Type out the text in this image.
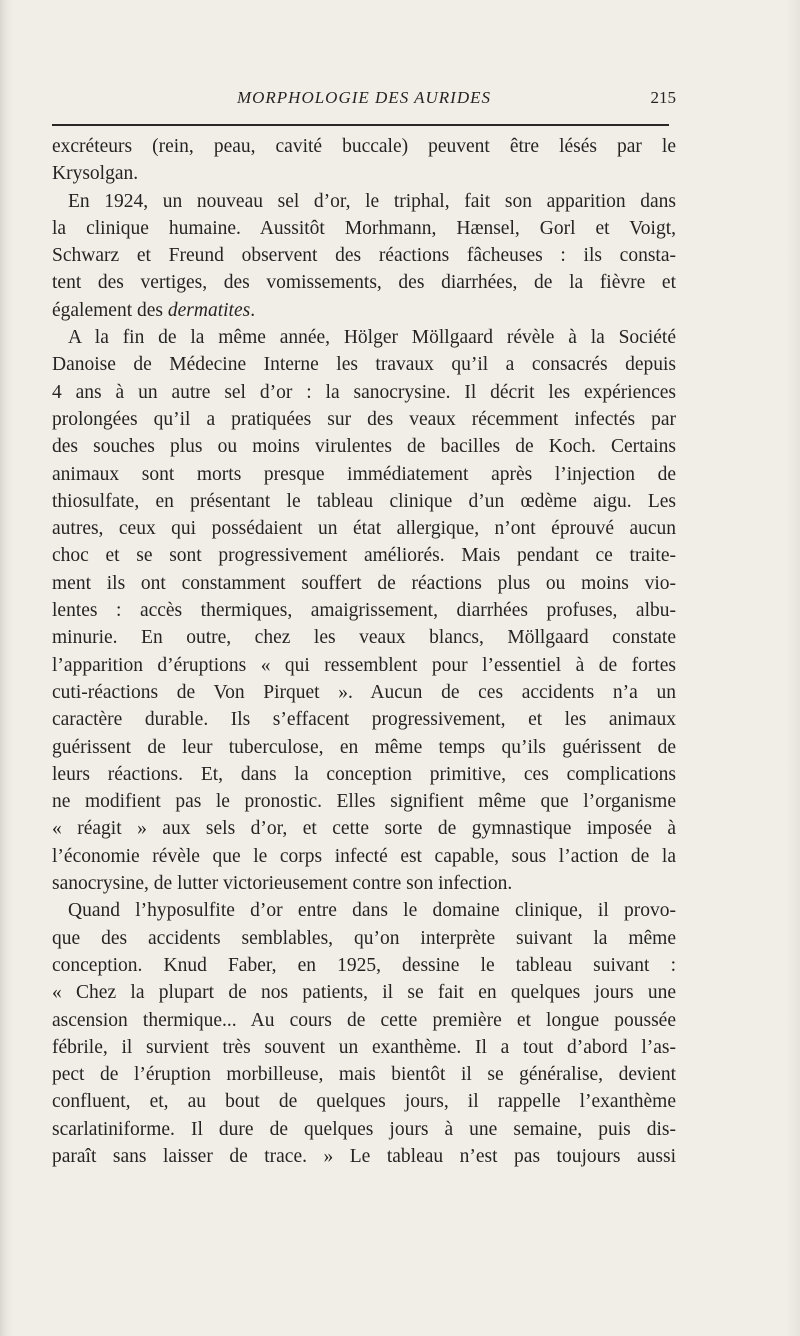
MORPHOLOGIE DES AURIDES	215
excréteurs (rein, peau, cavité buccale) peuvent être lésés par le
Krysolgan.
En 1924, un nouveau sel d’or, le triphal, fait son apparition dans
la clinique humaine. Aussitôt Morhmann, Hænsel, Gorl et Voigt,
Schwarz et Freund observent des réactions fâcheuses : ils consta-
tent des vertiges, des vomissements, des diarrhées, de la fièvre et
également des dermatites.
A la fin de la même année, Hölger Möllgaard révèle à la Société
Danoise de Médecine Interne les travaux qu’il a consacrés depuis
4 ans à un autre sel d’or : la sanocrysine. Il décrit les expériences
prolongées qu’il a pratiquées sur des veaux récemment infectés par
des souches plus ou moins virulentes de bacilles de Koch. Certains
animaux sont morts presque immédiatement après l’injection de
thiosulfate, en présentant le tableau clinique d’un œdème aigu. Les
autres, ceux qui possédaient un état allergique, n’ont éprouvé aucun
choc et se sont progressivement améliorés. Mais pendant ce traite-
ment ils ont constamment souffert de réactions plus ou moins vio-
lentes : accès thermiques, amaigrissement, diarrhées profuses, albu-
minurie. En outre, chez les veaux blancs, Möllgaard constate
l’apparition d’éruptions « qui ressemblent pour l’essentiel à de fortes
cuti-réactions de Von Pirquet ». Aucun de ces accidents n’a un
caractère durable. Ils s’effacent progressivement, et les animaux
guérissent de leur tuberculose, en même temps qu’ils guérissent de
leurs réactions. Et, dans la conception primitive, ces complications
ne modifient pas le pronostic. Elles signifient même que l’organisme
« réagit » aux sels d’or, et cette sorte de gymnastique imposée à
l’économie révèle que le corps infecté est capable, sous l’action de la
sanocrysine, de lutter victorieusement contre son infection.
Quand l’hyposulfite d’or entre dans le domaine clinique, il provo-
que des accidents semblables, qu’on interprète suivant la même
conception. Knud Faber, en 1925, dessine le tableau suivant :
« Chez la plupart de nos patients, il se fait en quelques jours une
ascension thermique... Au cours de cette première et longue poussée
fébrile, il survient très souvent un exanthème. Il a tout d’abord l’as-
pect de l’éruption morbilleuse, mais bientôt il se généralise, devient
confluent, et, au bout de quelques jours, il rappelle l’exanthème
scarlatiniforme. Il dure de quelques jours à une semaine, puis dis-
paraît sans laisser de trace. » Le tableau n’est pas toujours aussi
